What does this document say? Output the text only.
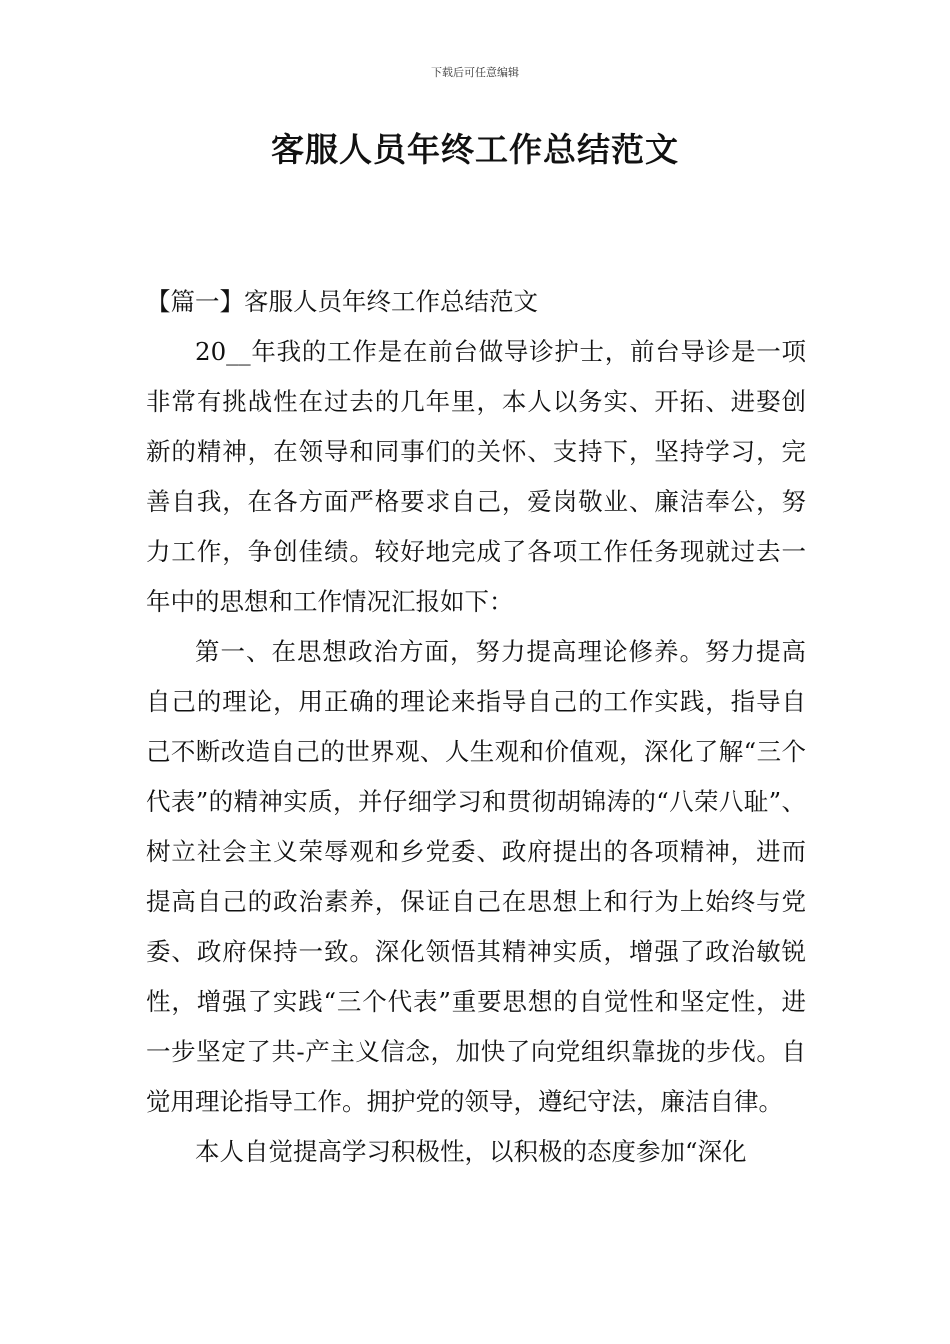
下载后可任意编辑
客服人员年终工作总结范文
【篇一】客服人员年终工作总结范文

20__年我的工作是在前台做导诊护士，前台导诊是一项非常有挑战性在过去的几年里，本人以务实、开拓、进娶创新的精神，在领导和同事们的关怀、支持下，坚持学习，完善自我，在各方面严格要求自己，爱岗敬业、廉洁奉公，努力工作，争创佳绩。较好地完成了各项工作任务现就过去一年中的思想和工作情况汇报如下：

第一、在思想政治方面，努力提高理论修养。努力提高自己的理论，用正确的理论来指导自己的工作实践，指导自己不断改造自己的世界观、人生观和价值观，深化了解“三个代表”的精神实质，并仔细学习和贯彻胡锦涛的“八荣八耻”、树立社会主义荣辱观和乡党委、政府提出的各项精神，进而提高自己的政治素养，保证自己在思想上和行为上始终与党委、政府保持一致。深化领悟其精神实质，增强了政治敏锐性，增强了实践“三个代表”重要思想的自觉性和坚定性，进一步坚定了共-产主义信念，加快了向党组织靠拢的步伐。自觉用理论指导工作。拥护党的领导，遵纪守法，廉洁自律。

本人自觉提高学习积极性，以积极的态度参加“深化
